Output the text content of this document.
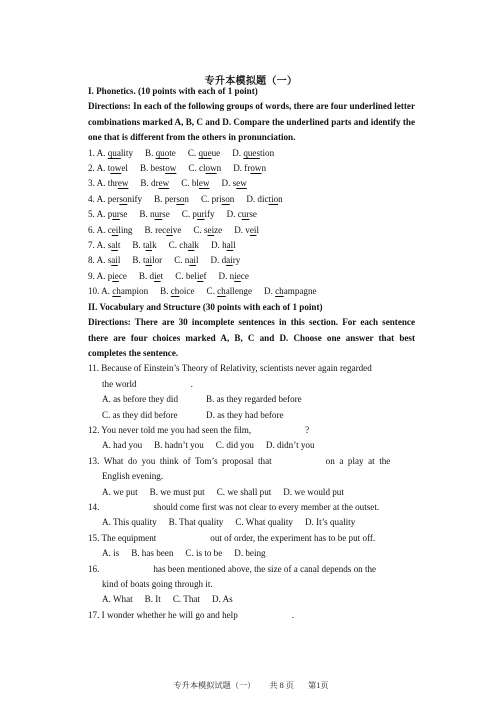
专升本模拟题（一）
I. Phonetics. (10 points with each of 1 point)
Directions: In each of the following groups of words, there are four underlined letter combinations marked A, B, C and D. Compare the underlined parts and identify the one that is different from the others in pronunciation.
1. A. quality B. quote C. queue D. question
2. A. towel B. bestow C. clown D. frown
3. A. threw B. drew C. blew D. sew
4. A. personify B. person C. prison D. diction
5. A. purse B. nurse C. purify D. curse
6. A. ceiling B. receive C. seize D. veil
7. A. salt B. talk C. chalk D. hall
8. A. sail B. tailor C. nail D. dairy
9. A. piece B. diet C. belief D. niece
10. A. champion B. choice C. challenge D. champagne
II. Vocabulary and Structure (30 points with each of 1 point)
Directions: There are 30 incomplete sentences in this section. For each sentence there are four choices marked A, B, C and D. Choose one answer that best completes the sentence.
11. Because of Einstein’s Theory of Relativity, scientists never again regarded
the world	.
A. as before they did	B. as they regarded before
C. as they did before	D. as they had before
12. You never told me you had seen the film,	?
A. had you B. hadn’t you C. did you D. didn’t you
13.  What  do  you  think  of  Tom’s  proposal  that	on  a  play  at  the
English evening.
A. we put B. we must put C. we shall put D. we would put
14.	should come first was not clear to every member at the outset.
A. This quality B. That quality C. What quality D. It’s quality
15. The equipment	out of order, the experiment has to be put off.
A. is B. has been C. is to be D. being
16.	has been mentioned above, the size of a canal depends on the
kind of boats going through it.
A. What B. It C. That D. As
17. I wonder whether he will go and help	.
专升本模拟试题（一） 共 8 页 第1页
